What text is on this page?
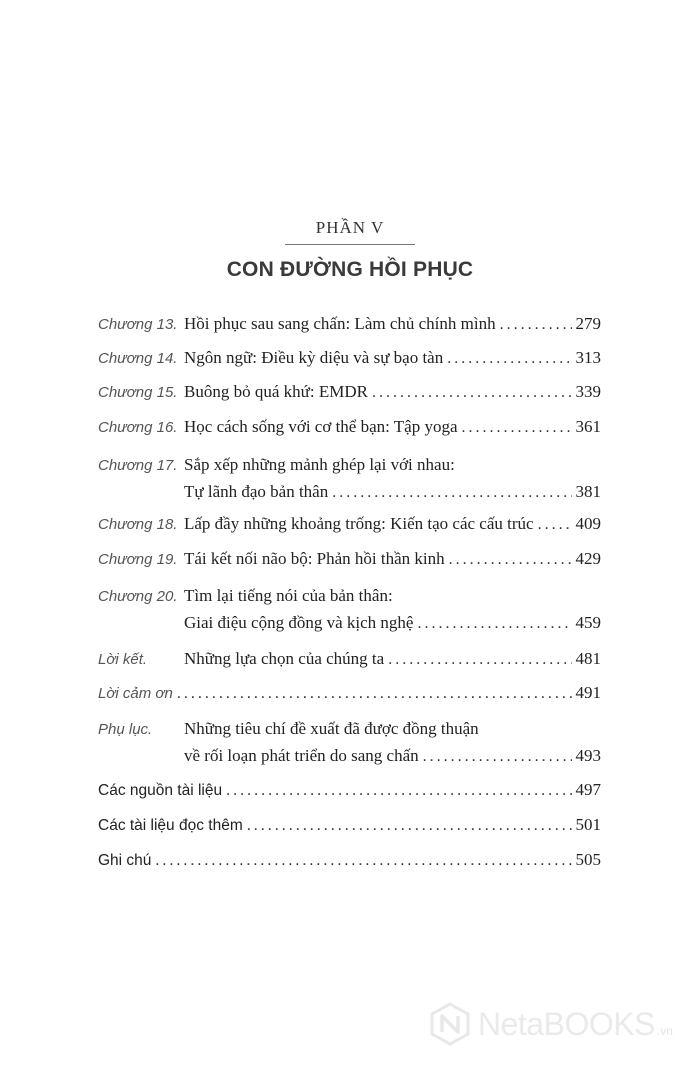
PHẦN V
CON ĐƯỜNG HỒI PHỤC
Chương 13. Hồi phục sau sang chấn: Làm chủ chính mình . . .	279
Chương 14. Ngôn ngữ: Điều kỳ diệu và sự bạo tàn . . .	313
Chương 15. Buông bỏ quá khứ: EMDR . . .	339
Chương 16. Học cách sống với cơ thể bạn: Tập yoga . . .	361
Chương 17. Sắp xếp những mảnh ghép lại với nhau:
Tự lãnh đạo bản thân . . .	381
Chương 18. Lấp đầy những khoảng trống: Kiến tạo các cấu trúc . . . 409
Chương 19. Tái kết nối não bộ: Phản hồi thần kinh . . .	429
Chương 20. Tìm lại tiếng nói của bản thân:
Giai điệu cộng đồng và kịch nghệ . . .	459
Lời kết.	Những lựa chọn của chúng ta . . .	481
Lời cảm ơn . . .	491
Phụ lục.	Những tiêu chí đề xuất đã được đồng thuận
về rối loạn phát triển do sang chấn . . .	493
Các nguồn tài liệu . . .	497
Các tài liệu đọc thêm . . .	501
Ghi chú . . .	505
NetaBOOKS .vn
